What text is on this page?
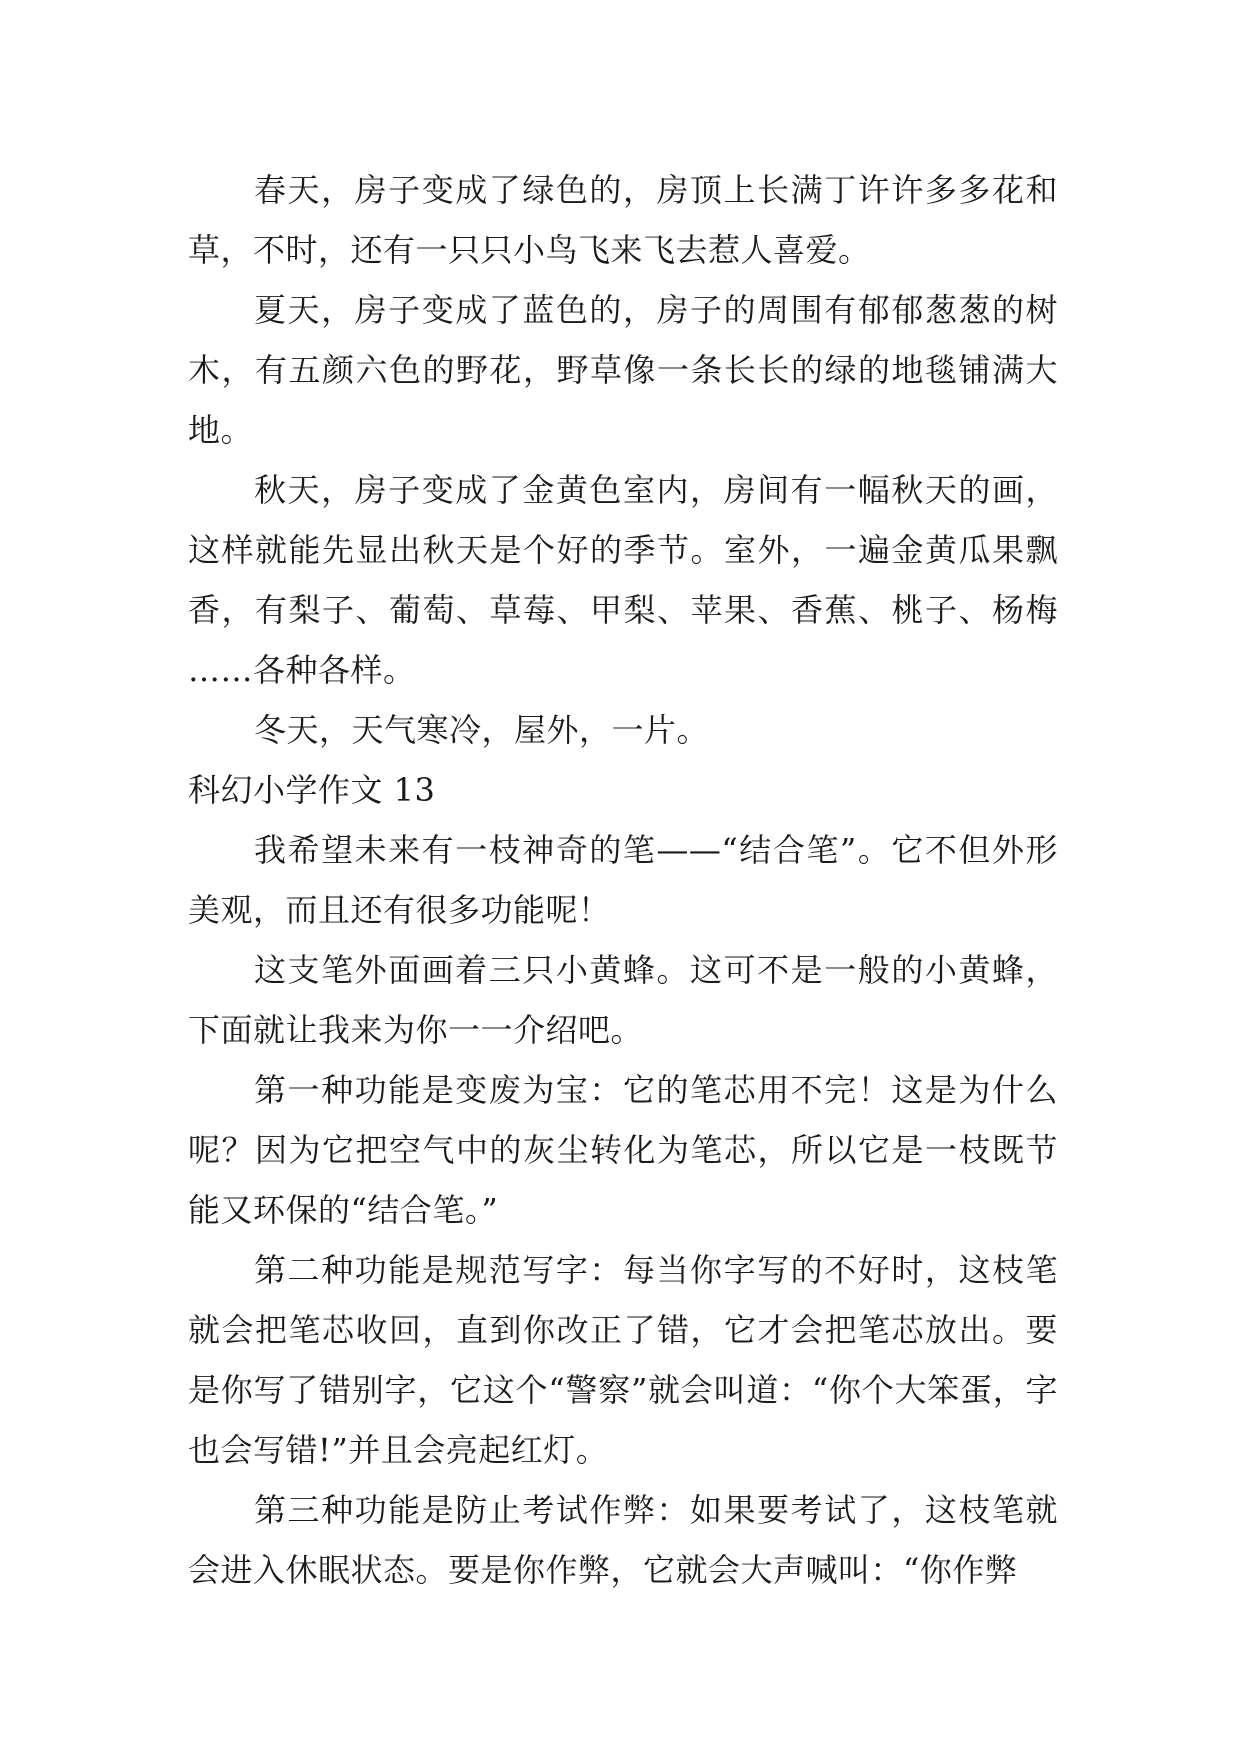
春天，房子变成了绿色的，房顶上长满丁许许多多花和草，不时，还有一只只小鸟飞来飞去惹人喜爱。

夏天，房子变成了蓝色的，房子的周围有郁郁葱葱的树木，有五颜六色的野花，野草像一条长长的绿的地毯铺满大地。

秋天，房子变成了金黄色室内，房间有一幅秋天的画，这样就能先显出秋天是个好的季节。室外，一遍金黄瓜果飘香，有梨子、葡萄、草莓、甲梨、苹果、香蕉、桃子、杨梅……各种各样。

冬天，天气寒冷，屋外，一片。

科幻小学作文 13

我希望未来有一枝神奇的笔——“结合笔”。它不但外形美观，而且还有很多功能呢！

这支笔外面画着三只小黄蜂。这可不是一般的小黄蜂，下面就让我来为你一一介绍吧。

第一种功能是变废为宝：它的笔芯用不完！这是为什么呢？因为它把空气中的灰尘转化为笔芯，所以它是一枝既节能又环保的“结合笔。”

第二种功能是规范写字：每当你字写的不好时，这枝笔就会把笔芯收回，直到你改正了错，它才会把笔芯放出。要是你写了错别字，它这个“警察”就会叫道：“你个大笨蛋，字也会写错!”并且会亮起红灯。

第三种功能是防止考试作弊：如果要考试了，这枝笔就会进入休眠状态。要是你作弊，它就会大声喊叫：“你作弊
